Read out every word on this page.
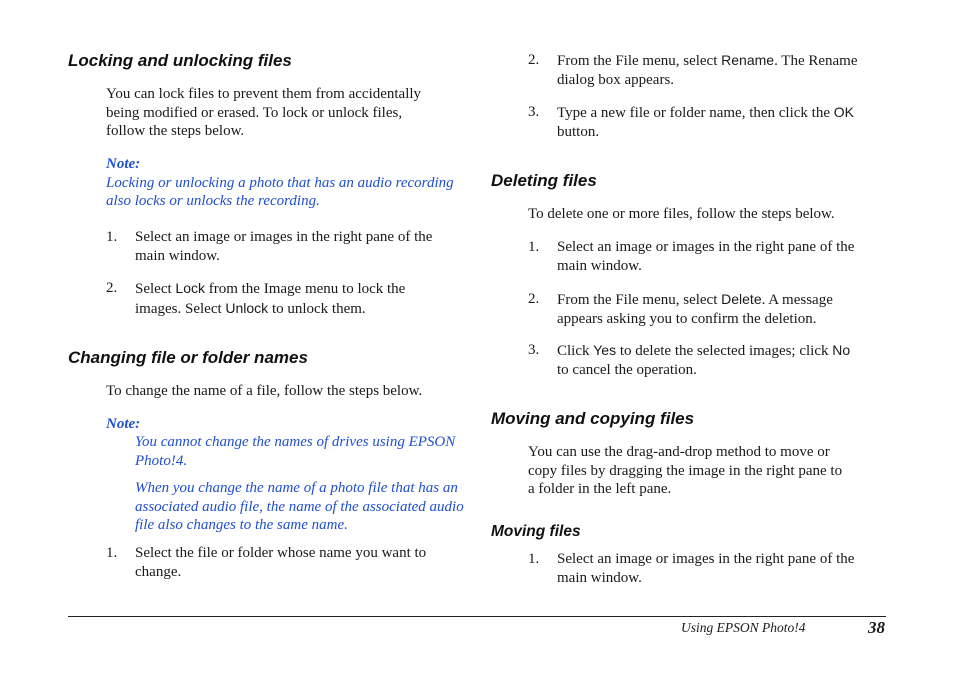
Locking and unlocking files

You can lock files to prevent them from accidentally
being modified or erased. To lock or unlock files,
follow the steps below.

Note:
Locking or unlocking a photo that has an audio recording
also locks or unlocks the recording.

1. Select an image or images in the right pane of the
main window.
2. Select Lock from the Image menu to lock the
images. Select Unlock to unlock them.
Changing file or folder names

To change the name of a file, follow the steps below.

Note:

You cannot change the names of drives using EPSON
Photo!4.

When you change the name of a photo file that has an
associated audio file, the name of the associated audio
file also changes to the same name.

1. Select the file or folder whose name you want to
change.
2. From the File menu, select Rename. The Rename
dialog box appears.
3. Type a new file or folder name, then click the OK
button.
Deleting files

To delete one or more files, follow the steps below.

1. Select an image or images in the right pane of the
main window.
2. From the File menu, select Delete. A message
appears asking you to confirm the deletion.
3. Click Yes to delete the selected images; click No
to cancel the operation.
Moving and copying files

You can use the drag-and-drop method to move or
copy files by dragging the image in the right pane to
a folder in the left pane.

Moving files
1. Select an image or images in the right pane of the
main window.
Using EPSON Photo!4	38
